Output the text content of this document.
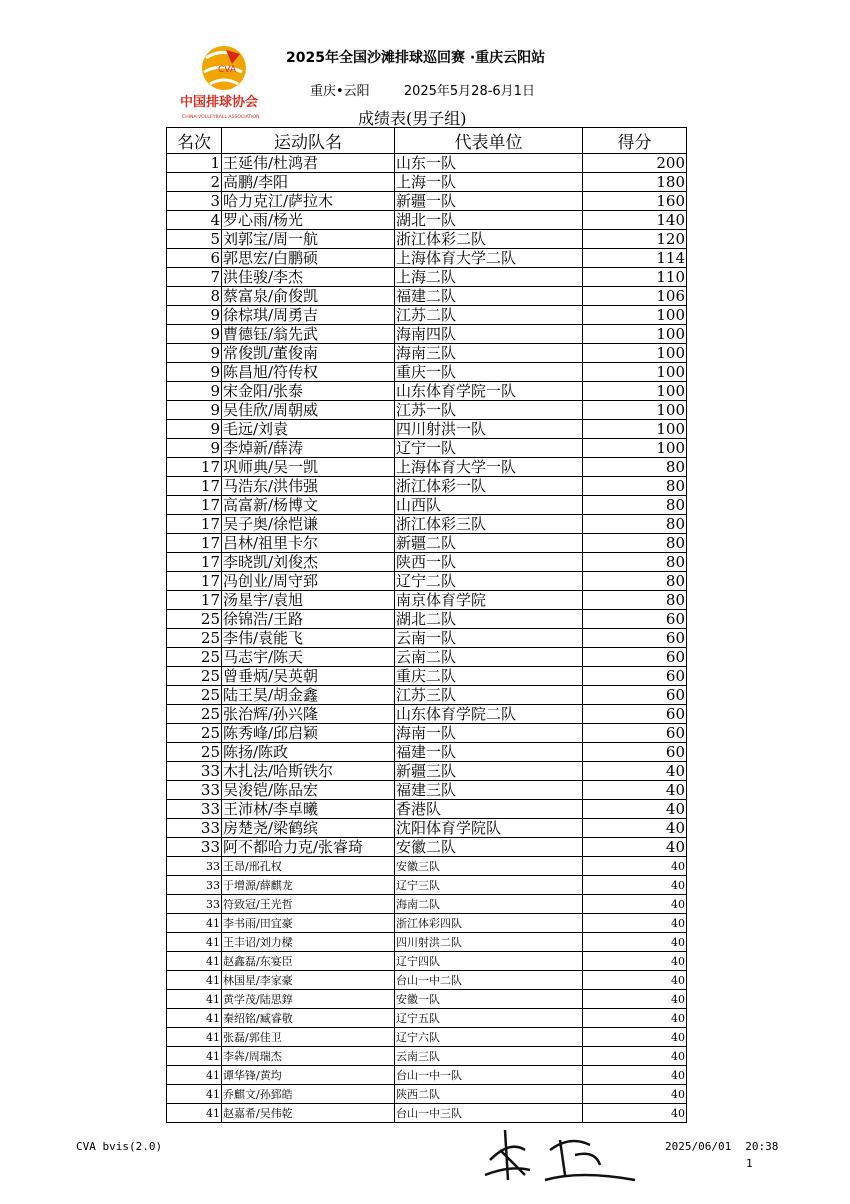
CVA
中国排球协会
CHINA VOLLEYBALL ASSOCIATION
2025年全国沙滩排球巡回赛 ·重庆云阳站
重庆•云阳	2025年5月28-6月1日
成绩表(男子组)
名次	运动队名	代表单位	得分
1	王延伟/杜鸿君	山东一队	200
2	高鹏/李阳	上海一队	180
3	哈力克江/萨拉木	新疆一队	160
4	罗心雨/杨光	湖北一队	140
5	刘郭宝/周一航	浙江体彩二队	120
6	郭思宏/白鹏硕	上海体育大学二队	114
7	洪佳骏/李杰	上海二队	110
8	蔡富泉/俞俊凯	福建二队	106
9	徐棕琪/周勇吉	江苏二队	100
9	曹德钰/翁先武	海南四队	100
9	常俊凯/董俊南	海南三队	100
9	陈昌旭/符传权	重庆一队	100
9	宋金阳/张泰	山东体育学院一队	100
9	吴佳欣/周朝威	江苏一队	100
9	毛远/刘袁	四川射洪一队	100
9	李焯新/薛涛	辽宁一队	100
17	巩师典/吴一凯	上海体育大学一队	80
17	马浩东/洪伟强	浙江体彩一队	80
17	高富新/杨博文	山西队	80
17	吴子奥/徐恺谦	浙江体彩三队	80
17	吕林/祖里卡尔	新疆二队	80
17	李晓凯/刘俊杰	陕西一队	80
17	冯创业/周守郅	辽宁二队	80
17	汤星宇/袁旭	南京体育学院	80
25	徐锦浩/王路	湖北二队	60
25	李伟/袁能飞	云南一队	60
25	马志宇/陈天	云南二队	60
25	曾垂炳/吴英朝	重庆二队	60
25	陆王昊/胡金鑫	江苏三队	60
25	张治辉/孙兴隆	山东体育学院二队	60
25	陈秀峰/邱启颖	海南一队	60
25	陈扬/陈政	福建一队	60
33	木扎法/哈斯铁尔	新疆三队	40
33	吴浚铠/陈品宏	福建三队	40
33	王沛林/李卓曦	香港队	40
33	房楚尧/梁鹤缤	沈阳体育学院队	40
33	阿不都哈力克/张睿琦	安徽二队	40
33	王昂/邢孔权	安徽三队	40
33	于增源/薛麒龙	辽宁三队	40
33	符致冠/王光哲	海南二队	40
41	李书雨/田宜豪	浙江体彩四队	40
41	王丰诏/刘力樑	四川射洪二队	40
41	赵鑫磊/东宴臣	辽宁四队	40
41	林国星/李家豪	台山一中二队	40
41	黄学茂/陆思錞	安徽一队	40
41	秦绍铭/臧睿敬	辽宁五队	40
41	张磊/郭佳卫	辽宁六队	40
41	李犇/周瑞杰	云南三队	40
41	谭华锋/黄均	台山一中一队	40
41	乔麒文/孙郅皓	陕西二队	40
41	赵嘉希/吴伟乾	台山一中三队	40
CVA bvis(2.0)	2025/06/01 20:38
1
